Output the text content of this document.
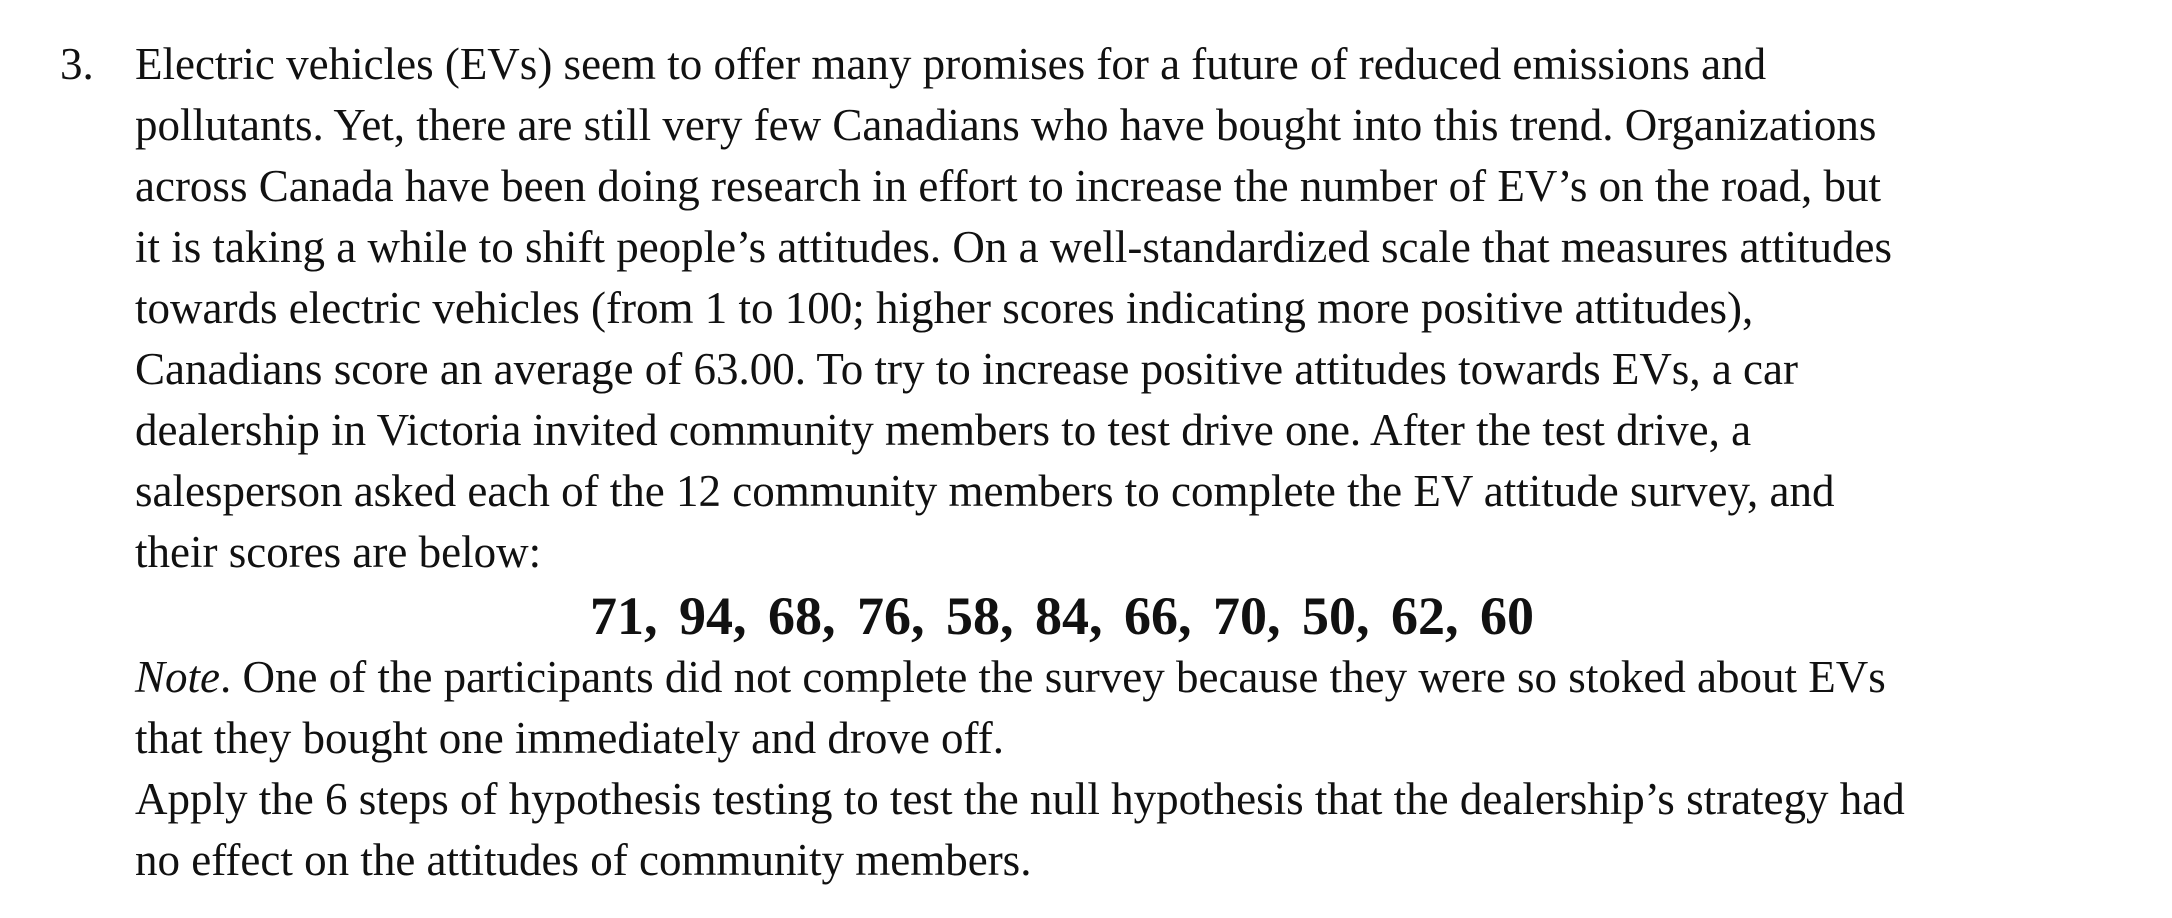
3. Electric vehicles (EVs) seem to offer many promises for a future of reduced emissions and
pollutants. Yet, there are still very few Canadians who have bought into this trend. Organizations
across Canada have been doing research in effort to increase the number of EV’s on the road, but
it is taking a while to shift people’s attitudes. On a well-standardized scale that measures attitudes
towards electric vehicles (from 1 to 100; higher scores indicating more positive attitudes),
Canadians score an average of 63.00. To try to increase positive attitudes towards EVs, a car
dealership in Victoria invited community members to test drive one. After the test drive, a
salesperson asked each of the 12 community members to complete the EV attitude survey, and
their scores are below:
71, 94, 68, 76, 58, 84, 66, 70, 50, 62, 60
Note. One of the participants did not complete the survey because they were so stoked about EVs
that they bought one immediately and drove off.
Apply the 6 steps of hypothesis testing to test the null hypothesis that the dealership’s strategy had
no effect on the attitudes of community members.
